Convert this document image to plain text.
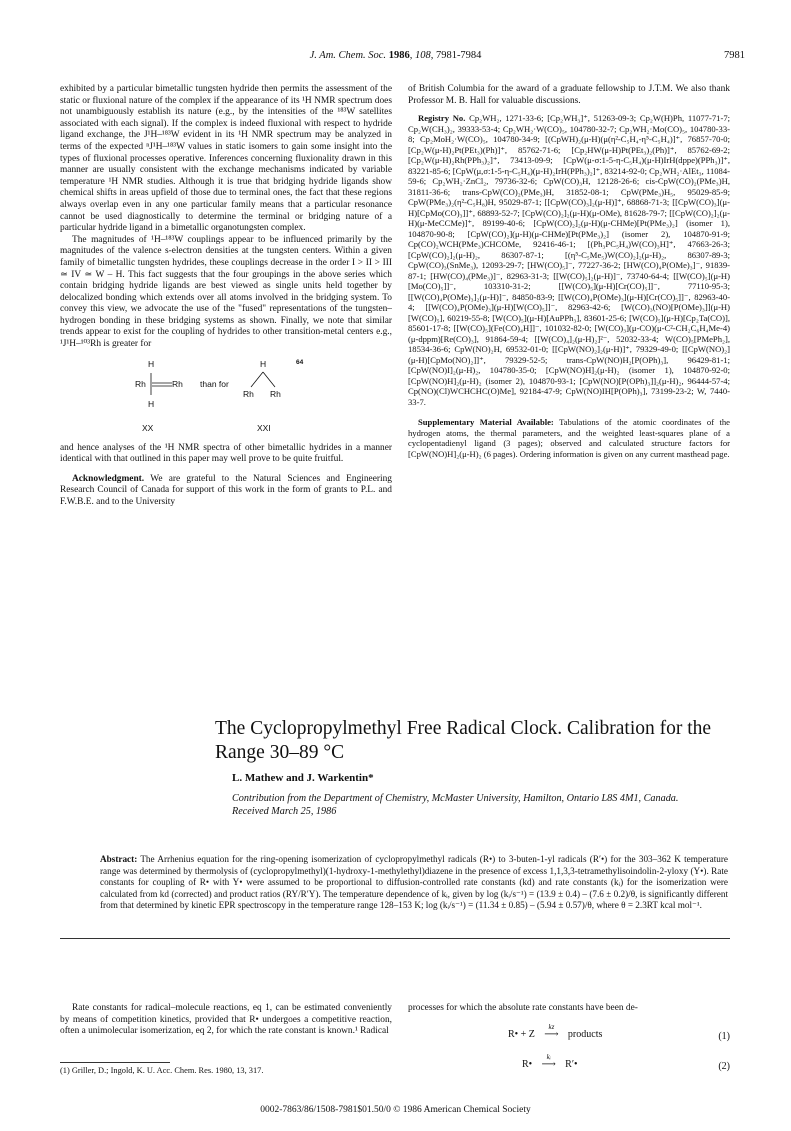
J. Am. Chem. Soc. 1986, 108, 7981-7984	7981

exhibited by a particular bimetallic tungsten hydride then permits the assessment of the static or fluxional nature of the complex if the appearance of its ¹H NMR spectrum does not unambiguously establish its nature (e.g., by the intensities of the ¹⁸³W satellites associated with each signal). If the complex is indeed fluxional with respect to hydride ligand exchange, the J¹H–¹⁸³W evident in its ¹H NMR spectrum may be analyzed in terms of the expected ⁿJ¹H–¹⁸³W values in static isomers to gain some insight into the types of fluxional processes operative. Inferences concerning fluxionality drawn in this manner are usually consistent with the exchange mechanisms indicated by variable temperature ¹H NMR studies. Although it is true that bridging hydride ligands show chemical shifts in areas upfield of those due to terminal ones, the fact that these regions always overlap even in any one particular family means that a particular resonance cannot be used diagnostically to determine the terminal or bridging nature of a particular hydride ligand in a bimetallic organotungsten complex.

The magnitudes of ¹H–¹⁸³W couplings appear to be influenced primarily by the magnitudes of the valence s-electron densities at the tungsten centers. Within a given family of bimetallic tungsten hydrides, these couplings decrease in the order I > II > III ≃ IV ≃ W – H. This fact suggests that the four groupings in the above series which contain bridging hydride ligands are best viewed as single units held together by delocalized bonding which extends over all atoms involved in the bridging system. To convey this view, we advocate the use of the "fused" representations of the tungsten–hydrogen bonding in these bridging systems as shown. Finally, we note that similar trends appear to exist for the coupling of hydrides to other transition-metal centers e.g., ¹J¹H–¹⁰³Rh is greater for

H
Rh	Rh
H
than for
H
Rh Rh
64
XX	XXI

and hence analyses of the ¹H NMR spectra of other bimetallic hydrides in a manner identical with that outlined in this paper may well prove to be quite fruitful.

Acknowledgment. We are grateful to the Natural Sciences and Engineering Research Council of Canada for support of this work in the form of grants to P.L. and F.W.B.E. and to the University

of British Columbia for the award of a graduate fellowship to J.T.M. We also thank Professor M. B. Hall for valuable discussions.

Registry No. Cp₂WH₂, 1271-33-6; [Cp₂WH₃]⁺, 51263-09-3; Cp₂W(H)Ph, 11077-71-7; Cp₂W(CH₃)₂, 39333-53-4; Cp₂WH₂·W(CO)₅, 104780-32-7; Cp₂WH₂·Mo(CO)₅, 104780-33-8; Cp₂MoH₂·W(CO)₅, 104780-34-9; [(CpWH)₂(μ-H)(μ(η²-C₅H₄-η⁵-C₅H₄)]⁺, 76857-70-0; [Cp₂W(μ-H)₂Pt(PEt₃)(Ph)]⁺, 85762-71-6; [Cp₂HW(μ-H)Pt(PEt₃)₂(Ph)]⁺, 85762-69-2; [Cp₂W(μ-H)₂Rh(PPh₃)₂]⁺, 73413-09-9; [CpW(μ-σ:1-5-η-C₅H₄)(μ-H)IrH(dppe)(PPh₃)]⁺, 83221-85-6; [CpW(μ,σ:1-5-η-C₅H₄)(μ-H)₂IrH(PPh₃)₂]⁺, 83214-92-0; Cp₂WH₂·AlEt₃, 11084-59-6; Cp₂WH₂·ZnCl₂, 79736-32-6; CpW(CO)₃H, 12128-26-6; cis-CpW(CO)₂(PMe₃)H, 31811-36-6; trans-CpW(CO)₂(PMe₃)H, 31852-08-1; CpW(PMe₃)H₅, 95029-85-9; CpW(PMe₃)₂(η²-C₅H₈)H, 95029-87-1; [[CpW(CO)₃]₂(μ-H)]⁺, 68868-71-3; [[CpW(CO)₃](μ-H)[CpMo(CO)₃]]⁺, 68893-52-7; [CpW(CO)₂]₂(μ-H)(μ-OMe), 81628-79-7; [[CpW(CO)₂]₂(μ-H)(μ-MeCCMe)]⁺, 89199-40-6; [CpW(CO)₂]₂(μ-H)(μ-CHMe)[Pt(PMe₃)₂] (isomer 1), 104870-90-8; [CpW(CO)₂](μ-H)(μ-CHMe)[Pt(PMe₃)₂] (isomer 2), 104870-91-9; Cp(CO)₂WCH(PMe₃)CHCOMe, 92416-46-1; [(Ph₃PC₅H₄)W(CO)₃H]⁺, 47663-26-3; [CpW(CO)₂]₂(μ-H)₂, 86307-87-1; [(η⁵-C₅Me₅)W(CO)₂]₂(μ-H)₂, 86307-89-3; CpW(CO)₃(SnMe₃), 12093-29-7; [HW(CO)₅]⁻, 77227-36-2; [HW(CO)₄P(OMe)₃]⁻, 91839-87-1; [HW(CO)₄(PMe₃)]⁻, 82963-31-3; [[W(CO)₅]₂(μ-H)]⁻, 73740-64-4; [[W(CO)₅](μ-H)[Mo(CO)₅]]⁻, 103310-31-2; [[W(CO)₅](μ-H)[Cr(CO)₅]]⁻, 77110-95-3; [[W(CO)₄P(OMe)₃]₂(μ-H)]⁻, 84850-83-9; [[W(CO)₄P(OMe)₃](μ-H)[Cr(CO)₅]]⁻, 82963-40-4; [[W(CO)₄P(OMe)₃](μ-H)[W(CO)₅]]⁻, 82963-42-6; [W(CO)₃(NO)[P(OMe)₃]](μ-H)[W(CO)₅], 60219-55-8; [W(CO)₅](μ-H)[AuPPh₃], 83601-25-6; [W(CO)₅](μ-H)[Cp₂Ta(CO)], 85601-17-8; [[W(CO)₅](Fe(CO)₄H]]⁻, 101032-82-0; [W(CO)₃](μ-CO)(μ-C²-CH₂C₆H₄Me-4)(μ-dppm)[Re(CO)₃], 91864-59-4; [[W(CO)₄]₂(μ-H)₂]²⁻, 52032-33-4; W(CO)₅[PMePh₂], 18534-36-6; CpW(NO)₂H, 69532-01-0; [[CpW(NO)₂]₂(μ-H)]⁺, 79329-49-0; [[CpW(NO)₂](μ-H)[CpMo(NO)₂]]⁺, 79329-52-5; trans-CpW(NO)H₂[P(OPh)₃], 96429-81-1; [CpW(NO)I]₂(μ-H)₂, 104780-35-0; [CpW(NO)H]₂(μ-H)₂ (isomer 1), 104870-92-0; [CpW(NO)H]₂(μ-H)₂ (isomer 2), 104870-93-1; [CpW(NO)[P(OPh)₃]]₂(μ-H)₂, 96444-57-4; Cp(NO)(Cl)WCHCHC(O)Me], 92184-47-9; CpW(NO)IH[P(OPh)₃], 73199-23-2; W, 7440-33-7.

Supplementary Material Available: Tabulations of the atomic coordinates of the hydrogen atoms, the thermal parameters, and the weighted least-squares plane of a cyclopentadienyl ligand (3 pages); observed and calculated structure factors for [CpW(NO)H]₂(μ-H)₂ (6 pages). Ordering information is given on any current masthead page.

The Cyclopropylmethyl Free Radical Clock. Calibration for the Range 30–89 °C
L. Mathew and J. Warkentin*
Contribution from the Department of Chemistry, McMaster University, Hamilton, Ontario L8S 4M1, Canada. Received March 25, 1986
Abstract: The Arrhenius equation for the ring-opening isomerization of cyclopropylmethyl radicals (R•) to 3-buten-1-yl radicals (R′•) for the 303–362 K temperature range was determined by thermolysis of (cyclopropylmethyl)(1-hydroxy-1-methylethyl)diazene in the presence of excess 1,1,3,3-tetramethylisoindolin-2-yloxy (Y•). Rate constants for coupling of R• with Y• were assumed to be proportional to diffusion-controlled rate constants (kd) and rate constants (kᵢ) for the isomerization were calculated from kd (corrected) and product ratios (RY/R′Y). The temperature dependence of kᵢ, given by log (kᵢ/s⁻¹) = (13.9 ± 0.4) – (7.6 ± 0.2)/θ, is significantly different from that determined by kinetic EPR spectroscopy in the temperature range 128–153 K; log (kᵢ/s⁻¹) = (11.34 ± 0.85) – (5.94 ± 0.57)/θ, where θ = 2.3RT kcal mol⁻¹.

Rate constants for radical–molecule reactions, eq 1, can be estimated conveniently by means of competition kinetics, provided that R• undergoes a competitive reaction, often a unimolecular isomerization, eq 2, for which the rate constant is known.¹ Radical

(1) Griller, D.; Ingold, K. U. Acc. Chem. Res. 1980, 13, 317.
processes for which the absolute rate constants have been de-
R• + Z
kz
⟶ products	(1)
R•
kᵢ
⟶ R′•	(2)
0002-7863/86/1508-7981$01.50/0 © 1986 American Chemical Society
